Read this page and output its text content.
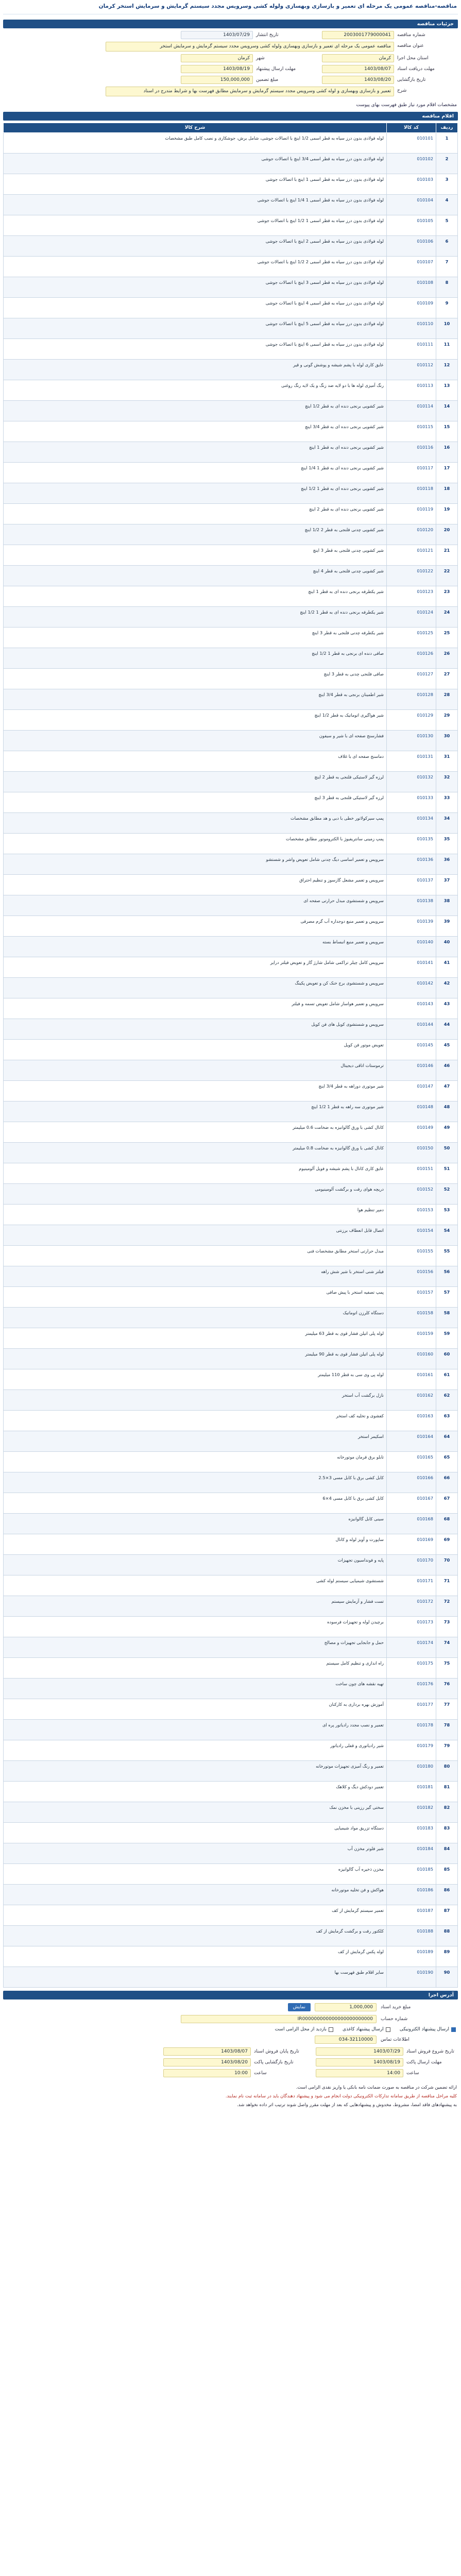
مناقصه-مناقصه عمومی یک مرحله ای تعمیر و بازسازی وبهسازی ولوله کشی وسرویس مجدد سیستم گرمایش و سرمایش استخر کرمان
جزئیات مناقصه
شماره مناقصه
2003001779000041
تاریخ انتشار
1403/07/29
عنوان مناقصه
مناقصه عمومی یک مرحله ای تعمیر و بازسازی وبهسازی ولوله کشی وسرویس مجدد سیستم گرمایش و سرمایش استخر
استان محل اجرا
کرمان
شهر
کرمان
مهلت دریافت اسناد
1403/08/07
مهلت ارسال پیشنهاد
1403/08/19
تاریخ بازگشایی
1403/08/20
مبلغ تضمین
150,000,000
شرح
تعمیر و بازسازی وبهسازی و لوله کشی وسرویس مجدد سیستم گرمایش و سرمایش مطابق فهرست بها و شرایط مندرج در اسناد
مشخصات اقلام مورد نیاز طبق فهرست بهای پیوست
اقلام مناقصه
ردیف	کد کالا	شرح کالا
1	010101	لوله فولادی بدون درز سیاه به قطر اسمی 1/2 اینچ با اتصالات جوشی، شامل برش، جوشکاری و نصب کامل طبق مشخصات
2	010102	لوله فولادی بدون درز سیاه به قطر اسمی 3/4 اینچ با اتصالات جوشی
3	010103	لوله فولادی بدون درز سیاه به قطر اسمی 1 اینچ با اتصالات جوشی
4	010104	لوله فولادی بدون درز سیاه به قطر اسمی 1 1/4 اینچ با اتصالات جوشی
5	010105	لوله فولادی بدون درز سیاه به قطر اسمی 1 1/2 اینچ با اتصالات جوشی
6	010106	لوله فولادی بدون درز سیاه به قطر اسمی 2 اینچ با اتصالات جوشی
7	010107	لوله فولادی بدون درز سیاه به قطر اسمی 2 1/2 اینچ با اتصالات جوشی
8	010108	لوله فولادی بدون درز سیاه به قطر اسمی 3 اینچ با اتصالات جوشی
9	010109	لوله فولادی بدون درز سیاه به قطر اسمی 4 اینچ با اتصالات جوشی
10	010110	لوله فولادی بدون درز سیاه به قطر اسمی 5 اینچ با اتصالات جوشی
11	010111	لوله فولادی بدون درز سیاه به قطر اسمی 6 اینچ با اتصالات جوشی
12	010112	عایق کاری لوله با پشم شیشه و پوشش گونی و قیر
13	010113	رنگ آمیزی لوله ها با دو لایه ضد زنگ و یک لایه رنگ روغنی
14	010114	شیر کشویی برنجی دنده ای به قطر 1/2 اینچ
15	010115	شیر کشویی برنجی دنده ای به قطر 3/4 اینچ
16	010116	شیر کشویی برنجی دنده ای به قطر 1 اینچ
17	010117	شیر کشویی برنجی دنده ای به قطر 1 1/4 اینچ
18	010118	شیر کشویی برنجی دنده ای به قطر 1 1/2 اینچ
19	010119	شیر کشویی برنجی دنده ای به قطر 2 اینچ
20	010120	شیر کشویی چدنی فلنجی به قطر 2 1/2 اینچ
21	010121	شیر کشویی چدنی فلنجی به قطر 3 اینچ
22	010122	شیر کشویی چدنی فلنجی به قطر 4 اینچ
23	010123	شیر یکطرفه برنجی دنده ای به قطر 1 اینچ
24	010124	شیر یکطرفه برنجی دنده ای به قطر 1 1/2 اینچ
25	010125	شیر یکطرفه چدنی فلنجی به قطر 3 اینچ
26	010126	صافی دنده ای برنجی به قطر 1 1/2 اینچ
27	010127	صافی فلنجی چدنی به قطر 3 اینچ
28	010128	شیر اطمینان برنجی به قطر 3/4 اینچ
29	010129	شیر هواگیری اتوماتیک به قطر 1/2 اینچ
30	010130	فشارسنج صفحه ای با شیر و سیفون
31	010131	دماسنج صفحه ای با غلاف
32	010132	لرزه گیر لاستیکی فلنجی به قطر 2 اینچ
33	010133	لرزه گیر لاستیکی فلنجی به قطر 3 اینچ
34	010134	پمپ سیرکولاتور خطی با دبی و هد مطابق مشخصات
35	010135	پمپ زمینی سانتریفیوژ با الکتروموتور مطابق مشخصات
36	010136	سرویس و تعمیر اساسی دیگ چدنی شامل تعویض واشر و شستشو
37	010137	سرویس و تعمیر مشعل گازسوز و تنظیم احتراق
38	010138	سرویس و شستشوی مبدل حرارتی صفحه ای
39	010139	سرویس و تعمیر منبع دوجداره آب گرم مصرفی
40	010140	سرویس و تعمیر منبع انبساط بسته
41	010141	سرویس کامل چیلر تراکمی شامل شارژ گاز و تعویض فیلتر درایر
42	010142	سرویس و شستشوی برج خنک کن و تعویض پکینگ
43	010143	سرویس و تعمیر هواساز شامل تعویض تسمه و فیلتر
44	010144	سرویس و شستشوی کویل های فن کویل
45	010145	تعویض موتور فن کویل
46	010146	ترموستات اتاقی دیجیتال
47	010147	شیر موتوری دوراهه به قطر 3/4 اینچ
48	010148	شیر موتوری سه راهه به قطر 1 1/2 اینچ
49	010149	کانال کشی با ورق گالوانیزه به ضخامت 0.6 میلیمتر
50	010150	کانال کشی با ورق گالوانیزه به ضخامت 0.8 میلیمتر
51	010151	عایق کاری کانال با پشم شیشه و فویل آلومینیوم
52	010152	دریچه هوای رفت و برگشت آلومینیومی
53	010153	دمپر تنظیم هوا
54	010154	اتصال قابل انعطاف برزنتی
55	010155	مبدل حرارتی استخر مطابق مشخصات فنی
56	010156	فیلتر شنی استخر با شیر شش راهه
57	010157	پمپ تصفیه استخر با پیش صافی
58	010158	دستگاه کلرزن اتوماتیک
59	010159	لوله پلی اتیلن فشار قوی به قطر 63 میلیمتر
60	010160	لوله پلی اتیلن فشار قوی به قطر 90 میلیمتر
61	010161	لوله پی وی سی به قطر 110 میلیمتر
62	010162	نازل برگشت آب استخر
63	010163	کفشوی و تخلیه کف استخر
64	010164	اسکیمر استخر
65	010165	تابلو برق فرمان موتورخانه
66	010166	کابل کشی برق با کابل مسی 3×2.5
67	010167	کابل کشی برق با کابل مسی 4×6
68	010168	سینی کابل گالوانیزه
69	010169	ساپورت و آویز لوله و کانال
70	010170	پایه و فونداسیون تجهیزات
71	010171	شستشوی شیمیایی سیستم لوله کشی
72	010172	تست فشار و آزمایش سیستم
73	010173	برچیدن لوله و تجهیزات فرسوده
74	010174	حمل و جابجایی تجهیزات و مصالح
75	010175	راه اندازی و تنظیم کامل سیستم
76	010176	تهیه نقشه های چون ساخت
77	010177	آموزش بهره برداری به کارکنان
78	010178	تعمیر و نصب مجدد رادیاتور پره ای
79	010179	شیر رادیاتوری و قفلی رادیاتور
80	010180	تعمیر و رنگ آمیزی تجهیزات موتورخانه
81	010181	تعمیر دودکش دیگ و کلاهک
82	010182	سختی گیر رزینی با مخزن نمک
83	010183	دستگاه تزریق مواد شیمیایی
84	010184	شیر فلوتر مخزن آب
85	010185	مخزن ذخیره آب گالوانیزه
86	010186	هواکش و فن تخلیه موتورخانه
87	010187	تعمیر سیستم گرمایش از کف
88	010188	کلکتور رفت و برگشت گرمایش از کف
89	010189	لوله پکس گرمایش از کف
90	010190	سایر اقلام طبق فهرست بها
آدرس اجرا
مبلغ خرید اسناد
1,000,000
نمایش
شماره حساب
IR000000000000000000000000
ارسال پیشنهاد الکترونیکی
ارسال پیشنهاد کاغذی
بازدید از محل الزامی است
اطلاعات تماس
034-32110000
تاریخ شروع فروش اسناد
1403/07/29
تاریخ پایان فروش اسناد
1403/08/07
مهلت ارسال پاکت
1403/08/19
تاریخ بازگشایی پاکت
1403/08/20
ساعت
14:00
ساعت
10:00

ارائه تضمین شرکت در مناقصه به صورت ضمانت نامه بانکی یا واریز نقدی الزامی است.

کلیه مراحل مناقصه از طریق سامانه تدارکات الکترونیکی دولت انجام می شود و پیشنهاد دهندگان باید در سامانه ثبت نام نمایند.

به پیشنهادهای فاقد امضا، مشروط، مخدوش و پیشنهادهایی که بعد از مهلت مقرر واصل شوند ترتیب اثر داده نخواهد شد.
